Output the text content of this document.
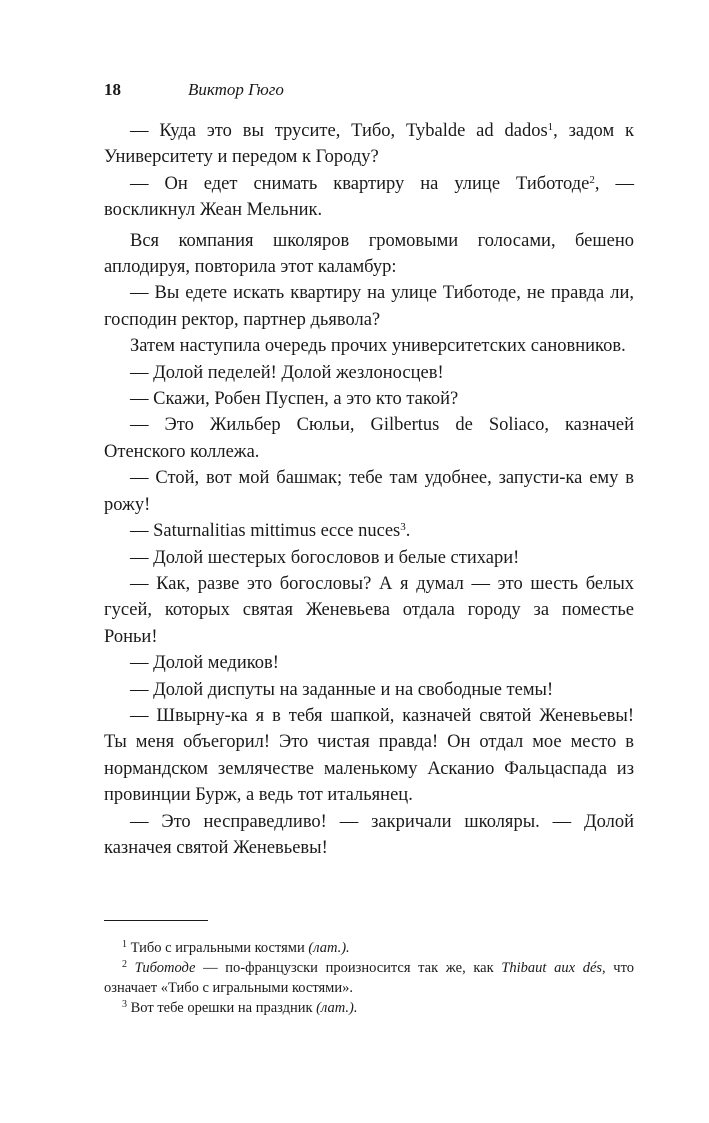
18	Виктор Гюго

— Куда это вы трусите, Тибо, Tybalde ad dados$^1$, задом к Университету и передом к Городу?

— Он едет снимать квартиру на улице Тиботоде$^2$, — воскликнул Жеан Мельник.

Вся компания школяров громовыми голосами, бешено аплодируя, повторила этот каламбур:

— Вы едете искать квартиру на улице Тиботоде, не правда ли, господин ректор, партнер дьявола?

Затем наступила очередь прочих университетских сановников.

— Долой педелей! Долой жезлоносцев!

— Скажи, Робен Пуспен, а это кто такой?

— Это Жильбер Сюльи, Gilbertus de Soliaco, казначей Отенского коллежа.

— Стой, вот мой башмак; тебе там удобнее, запусти-ка ему в рожу!

— Saturnalitias mittimus ecce nuces$^3$.

— Долой шестерых богословов и белые стихари!

— Как, разве это богословы? А я думал — это шесть белых гусей, которых святая Женевьева отдала городу за поместье Роньи!

— Долой медиков!

— Долой диспуты на заданные и на свободные темы!

— Швырну-ка я в тебя шапкой, казначей святой Женевьевы! Ты меня объегорил! Это чистая правда! Он отдал мое место в нормандском землячестве маленькому Асканио Фальцаспада из провинции Бурж, а ведь тот итальянец.

— Это несправедливо! — закричали школяры. — Долой казначея святой Женевьевы!

$^1$ Тибо с игральными костями (лат.).

$^2$ Тиботоде — по-французски произносится так же, как Thibaut aux dés, что означает «Тибо с игральными костями».

$^3$ Вот тебе орешки на праздник (лат.).
